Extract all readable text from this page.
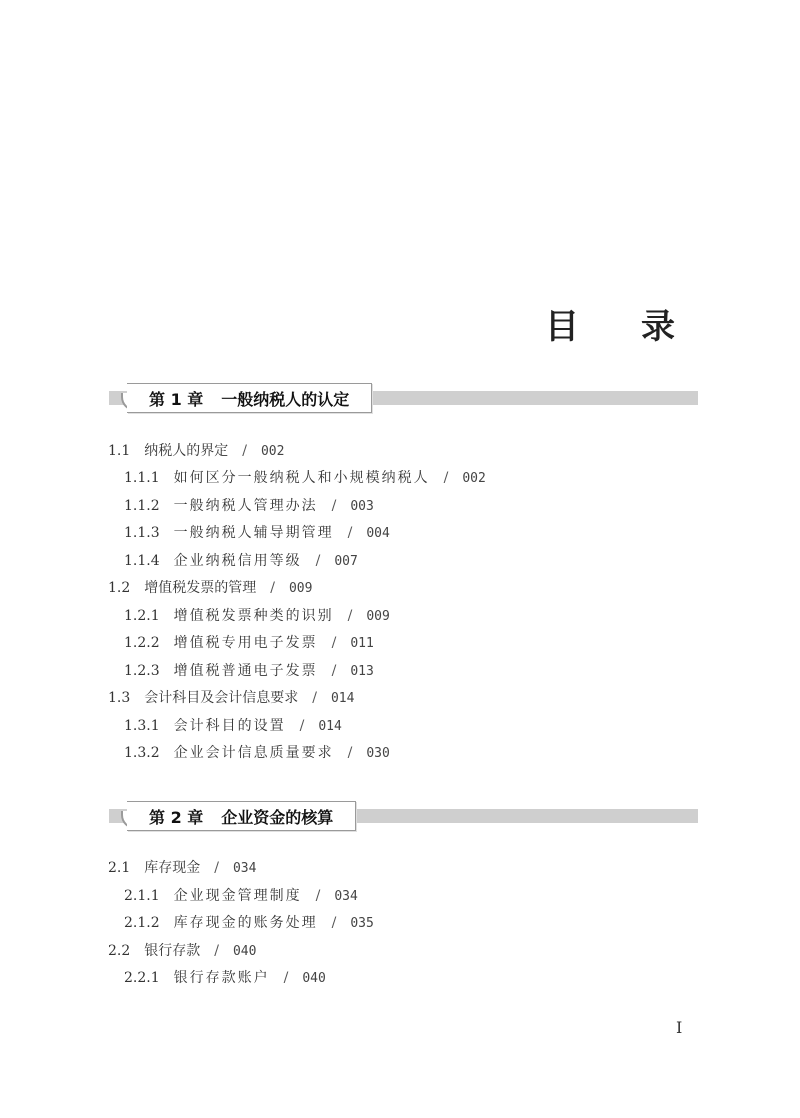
目 录
第 1 章 一般纳税人的认定
1.1 纳税人的界定 / 002
1.1.1 如何区分一般纳税人和小规模纳税人 / 002
1.1.2 一般纳税人管理办法 / 003
1.1.3 一般纳税人辅导期管理 / 004
1.1.4 企业纳税信用等级 / 007
1.2 增值税发票的管理 / 009
1.2.1 增值税发票种类的识别 / 009
1.2.2 增值税专用电子发票 / 011
1.2.3 增值税普通电子发票 / 013
1.3 会计科目及会计信息要求 / 014
1.3.1 会计科目的设置 / 014
1.3.2 企业会计信息质量要求 / 030
第 2 章 企业资金的核算
2.1 库存现金 / 034
2.1.1 企业现金管理制度 / 034
2.1.2 库存现金的账务处理 / 035
2.2 银行存款 / 040
2.2.1 银行存款账户 / 040
I
